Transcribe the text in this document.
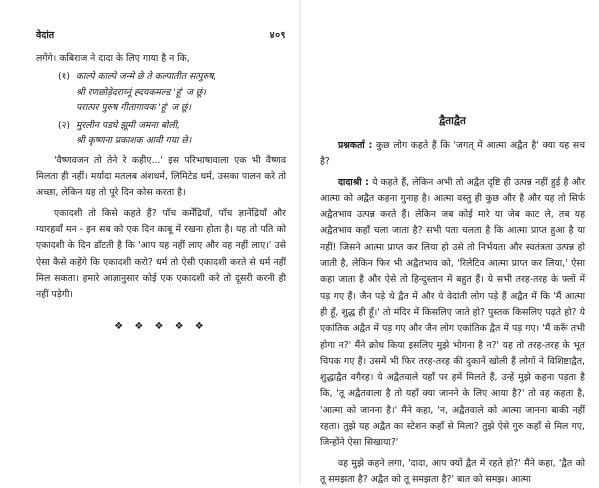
वेदांत	४०९

लगेंगे। कबिराज ने दादा के लिए गाया है न कि,

(१) काल्पे काल्पे जन्मे छे ते कल्पातीत सत्पुरुष,
श्री रणछोड़ेदराय्नूं ह्दयकमल्ड 'हूं' ज छूं।
परात्पर पुरुष गीतागायक 'हूं' ज छूं।
(२) मुरलीन पडघे झूमी जमना बोली,
श्री कृष्णना प्रकाशक आवी गया छे।

'वैष्णवजन तो तेने रे कहीए...' इस परिभाषावाला एक भी वैष्णव मिलता ही नहीं। मर्यादा मतलब अंशधर्म, लिमिटेड धर्म, उसका पालन करे तो अच्छा, लेकिन यह तो पूरे दिन कोस करता है।

एकादशी तो किसे कहते हैं? पाँच कर्मेंद्रियाँ, पाँच ज्ञानेंद्रियाँ और ग्यारहवाँ मन - इन सब को एक दिन काबू में रखना होता है। यह तो पति को एकादशी के दिन डाँटती है कि 'आप यह नहीं लाए और वह नहीं लाए।' उसे ऐसा कैसे कहेंगे कि एकादशी करो? धर्म तो ऐसी एकादशी करते से धर्म नहीं मिल सकता। हमारे आज्ञानुसार कोई एक एकादशी करे तो दूसरी करनी ही नहीं पड़ेगी।

❖ ❖ ❖ ❖ ❖
द्वैताद्वैत

प्रश्नकर्ता : कुछ लोग कहते हैं कि 'जगत् में आत्मा अद्वैत है' क्या यह सच है?

दादाश्री : ये कहते हैं, लेकिन अभी तो अद्वैत दृष्टि ही उत्पन्न नहीं हुई है और आत्मा को अद्वैत कहना गुनाह है। आत्मा वस्तु ही कुछ और है और यह तो सिर्फ अद्वैतभाव उत्पन्न करते हैं। लेकिन जब कोई मारे या जेब काट ले, तब यह अद्वैतभाव कहाँ चला जाता है? सभी पता चलता है कि आत्मा प्राप्त हुआ है या नहीं! जिसने आत्मा प्राप्त कर लिया हो उसे तो निर्भयता और स्वतंत्रता उत्पन्न हो जाती है, लेकिन फिर भी अद्वैतभाव को, 'रिलेटिव आत्मा प्राप्त कर लिया,' ऐसा कहा जाता है और ऐसे तो हिन्दुस्तान में बहुत हैं। ये सभी तरह-तरह के फ्लों में पड़ गए हैं। जैन पड़े थे द्वैत में और ये वेदांती लोग पड़े हैं अद्वैत में कि 'मैं आत्मा ही हूँ, शुद्ध ही हूँ।' तो मंदिर में किसलिए जाते हो? पुस्तक किसलिए पढ़ते हो? ये एकांतिक अद्वैत में पड़ गए और जैन लोग एकांतिक द्वैत में पड़ गए। 'मैं करूँ तभी होगा न?' मैंने क्रोध किया इसलिए मुझे भोगना है न?' यह तो तरह-तरह के भूत चिपक गए हैं। उसमें भी फिर तरह-तरह की दुकानें खोली हैं लोगों ने विशिष्टाद्वैत, शुद्धाद्वैत वगैरह। ये अद्वैतवाले यहाँ पर हमें मिलते हैं, उन्हें मुझे कहना पड़ता है कि, 'तू अद्वैतवाला है तो यहाँ क्या जानने के लिए आया है?' तो वह कहता है, 'आत्मा को जानना है।' मैंने कहा, 'न, अद्वैतवाले को आत्मा जानना बाकी नहीं रहता। तुझे यह अद्वैत का स्टेशन कहाँ से मिला? तुझे ऐसे गुरु कहाँ से मिल गए, जिन्होंने ऐसा सिखाया?'

वह मुझे कहने लगा, 'दादा, आप क्यों द्वैत में रहते हो?' मैंने कहा, 'द्वैत को तू समझता है? अद्वैत को तू समझता है?' बात को समझ। आत्मा
